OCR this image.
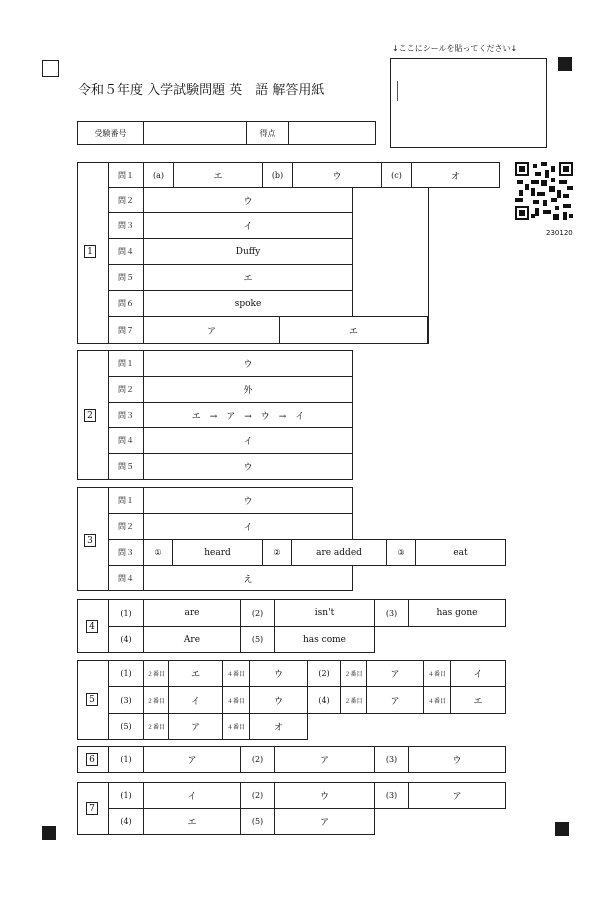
令和５年度 入学試験問題 英　語 解答用紙
↓ここにシールを貼ってください↓
受験番号	得点
230120
1
問１	(a)	エ	(b)	ウ	(c)	オ
問２	ウ
問３	イ
問４	Duffy
問５	エ
問６	spoke
問７	ア	エ
2
問１	ウ
問２	外
問３	エ　→　ア　→　ウ　→　イ
問４	イ
問５	ウ
3
問１	ウ
問２	イ
問３	①	heard	②	are added	③	eat
問４	え
4
(1)	are	(2)	isn't	(3)	has gone
(4)	Are	(5)	has come
5
(1)	２番目	エ	４番目	ウ	(2)	２番目	ア	４番目	イ
(3)	２番目	イ	４番目	ウ	(4)	２番目	ア	４番目	エ
(5)	２番目	ア	４番目	オ
6	(1)	ア	(2)	ア	(3)	ウ
7
(1)	イ	(2)	ウ	(3)	ア
(4)	エ	(5)	ア
